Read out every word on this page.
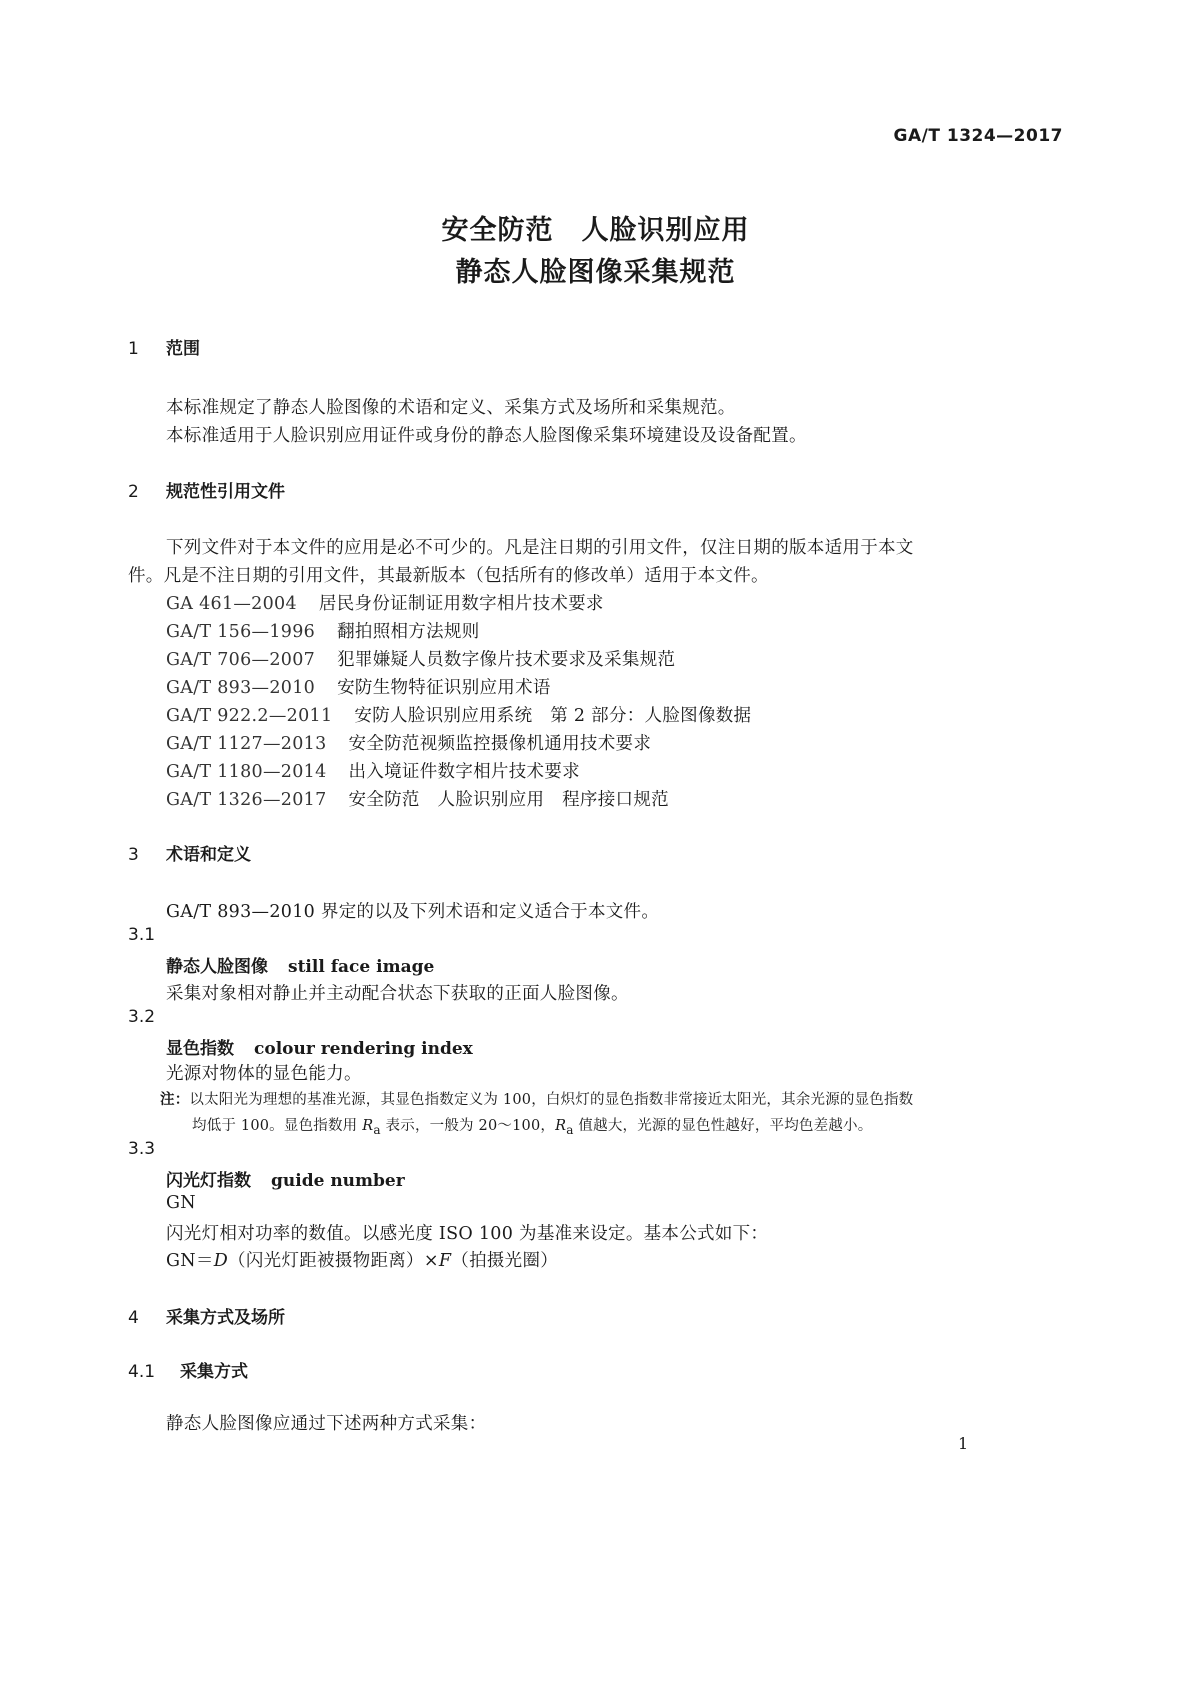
GA/T 1324—2017
安全防范　人脸识别应用
静态人脸图像采集规范
1 范围
本标准规定了静态人脸图像的术语和定义、采集方式及场所和采集规范。
本标准适用于人脸识别应用证件或身份的静态人脸图像采集环境建设及设备配置。
2 规范性引用文件
下列文件对于本文件的应用是必不可少的。凡是注日期的引用文件，仅注日期的版本适用于本文
件。凡是不注日期的引用文件，其最新版本（包括所有的修改单）适用于本文件。
GA 461—2004 居民身份证制证用数字相片技术要求
GA/T 156—1996 翻拍照相方法规则
GA/T 706—2007 犯罪嫌疑人员数字像片技术要求及采集规范
GA/T 893—2010 安防生物特征识别应用术语
GA/T 922.2—2011 安防人脸识别应用系统　第 2 部分：人脸图像数据
GA/T 1127—2013 安全防范视频监控摄像机通用技术要求
GA/T 1180—2014 出入境证件数字相片技术要求
GA/T 1326—2017 安全防范　人脸识别应用　程序接口规范
3 术语和定义
GA/T 893—2010 界定的以及下列术语和定义适合于本文件。
3.1
静态人脸图像 still face image
采集对象相对静止并主动配合状态下获取的正面人脸图像。
3.2
显色指数 colour rendering index
光源对物体的显色能力。
注：以太阳光为理想的基准光源，其显色指数定义为 100，白炽灯的显色指数非常接近太阳光，其余光源的显色指数
均低于 100。显色指数用 $R_a$ 表示，一般为 20～100，$R_a$ 值越大，光源的显色性越好，平均色差越小。
3.3
闪光灯指数 guide number
GN
闪光灯相对功率的数值。以感光度 ISO 100 为基准来设定。基本公式如下：
GN＝D（闪光灯距被摄物距离）×F（拍摄光圈）
4 采集方式及场所
4.1 采集方式
静态人脸图像应通过下述两种方式采集：
1
